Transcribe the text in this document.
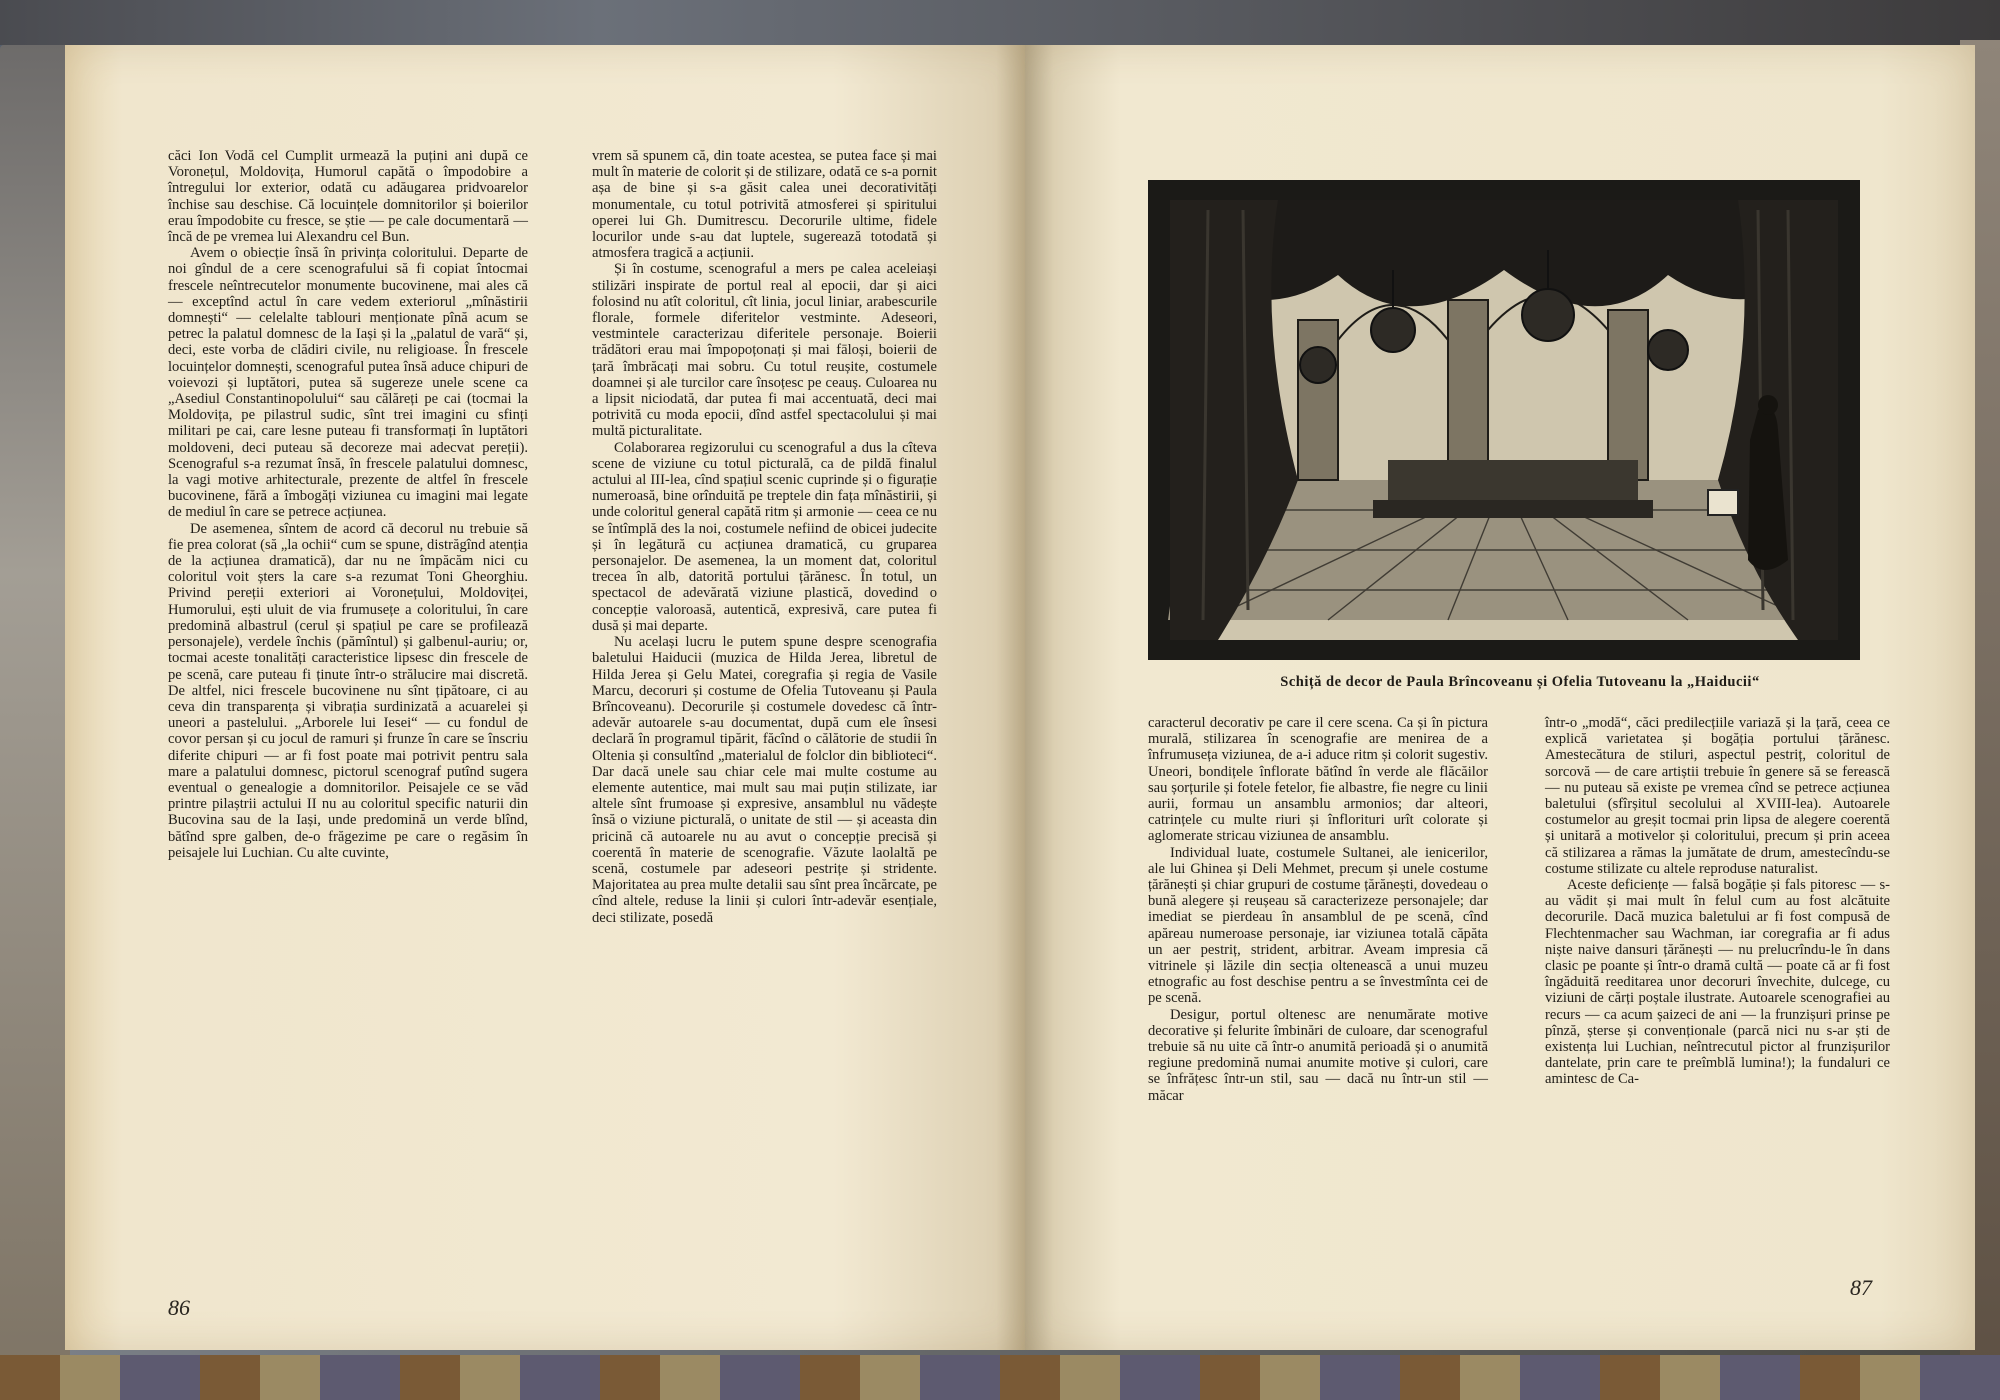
căci Ion Vodă cel Cumplit urmează la puțini ani după ce Voronețul, Moldovița, Humorul capătă o împodobire a întregului lor exterior, odată cu adăugarea pridvoarelor închise sau deschise. Că locuințele domnitorilor și boierilor erau împodobite cu fresce, se știe — pe cale documentară — încă de pe vremea lui Alexandru cel Bun.

Avem o obiecție însă în privința coloritului. Departe de noi gîndul de a cere scenografului să fi copiat întocmai frescele neîntrecutelor monumente bucovinene, mai ales că — exceptînd actul în care vedem exteriorul „mînăstirii domnești“ — celelalte tablouri menționate pînă acum se petrec la palatul domnesc de la Iași și la „palatul de vară“ și, deci, este vorba de clădiri civile, nu religioase. În frescele locuințelor domnești, scenograful putea însă aduce chipuri de voievozi și luptători, putea să sugereze unele scene ca „Asediul Constantinopolului“ sau călăreți pe cai (tocmai la Moldovița, pe pilastrul sudic, sînt trei imagini cu sfinți militari pe cai, care lesne puteau fi transformați în luptători moldoveni, deci puteau să decoreze mai adecvat pereții). Scenograful s-a rezumat însă, în frescele palatului domnesc, la vagi motive arhitecturale, prezente de altfel în frescele bucovinene, fără a îmbogăți viziunea cu imagini mai legate de mediul în care se petrece acțiunea.

De asemenea, sîntem de acord că decorul nu trebuie să fie prea colorat (să „la ochii“ cum se spune, distrăgînd atenția de la acțiunea dramatică), dar nu ne împăcăm nici cu coloritul voit șters la care s-a rezumat Toni Gheorghiu. Privind pereții exteriori ai Voronețului, Moldoviței, Humorului, ești uluit de via frumusețe a coloritului, în care predomină albastrul (cerul și spațiul pe care se profilează personajele), verdele închis (pămîntul) și galbenul-auriu; or, tocmai aceste tonalități caracteristice lipsesc din frescele de pe scenă, care puteau fi ținute într-o strălucire mai discretă. De altfel, nici frescele bucovinene nu sînt țipătoare, ci au ceva din transparența și vibrația surdinizată a acuarelei și uneori a pastelului. „Arborele lui Iesei“ — cu fondul de covor persan și cu jocul de ramuri și frunze în care se înscriu diferite chipuri — ar fi fost poate mai potrivit pentru sala mare a palatului domnesc, pictorul scenograf putînd sugera eventual o genealogie a domnitorilor. Peisajele ce se văd printre pilaștrii actului II nu au coloritul specific naturii din Bucovina sau de la Iași, unde predomină un verde blînd, bătînd spre galben, de-o frăgezime pe care o regăsim în peisajele lui Luchian. Cu alte cuvinte,

vrem să spunem că, din toate acestea, se putea face și mai mult în materie de colorit și de stilizare, odată ce s-a pornit așa de bine și s-a găsit calea unei decorativități monumentale, cu totul potrivită atmosferei și spiritului operei lui Gh. Dumitrescu. Decorurile ultime, fidele locurilor unde s-au dat luptele, sugerează totodată și atmosfera tragică a acțiunii.

Și în costume, scenograful a mers pe calea aceleiași stilizări inspirate de portul real al epocii, dar și aici folosind nu atît coloritul, cît linia, jocul liniar, arabescurile florale, formele diferitelor vestminte. Adeseori, vestmintele caracterizau diferitele personaje. Boierii trădători erau mai împopoțonați și mai fāloși, boierii de țară îmbrăcați mai sobru. Cu totul reușite, costumele doamnei și ale turcilor care însoțesc pe ceauș. Culoarea nu a lipsit niciodată, dar putea fi mai accentuată, deci mai potrivită cu moda epocii, dînd astfel spectacolului și mai multă picturalitate.

Colaborarea regizorului cu scenograful a dus la cîteva scene de viziune cu totul picturală, ca de pildă finalul actului al III-lea, cînd spațiul scenic cuprinde și o figurație numeroasă, bine orînduită pe treptele din fața mînăstirii, și unde coloritul general capătă ritm și armonie — ceea ce nu se întîmplă des la noi, costumele nefiind de obicei judecite și în legătură cu acțiunea dramatică, cu gruparea personajelor. De asemenea, la un moment dat, coloritul trecea în alb, datorită portului țărănesc. În totul, un spectacol de adevărată viziune plastică, dovedind o concepție valoroasă, autentică, expresivă, care putea fi dusă și mai departe.

Nu același lucru le putem spune despre scenografia baletului Haiducii (muzica de Hilda Jerea, libretul de Hilda Jerea și Gelu Matei, coregrafia și regia de Vasile Marcu, decoruri și costume de Ofelia Tutoveanu și Paula Brîncoveanu). Decorurile și costumele dovedesc că într-adevăr autoarele s-au documentat, după cum ele însesi declară în programul tipărit, făcînd o călătorie de studii în Oltenia și consultînd „materialul de folclor din biblioteci“. Dar dacă unele sau chiar cele mai multe costume au elemente autentice, mai mult sau mai puțin stilizate, iar altele sînt frumoase și expresive, ansamblul nu vădește însă o viziune picturală, o unitate de stil — și aceasta din pricină că autoarele nu au avut o concepție precisă și coerentă în materie de scenografie. Văzute laolaltă pe scenă, costumele par adeseori pestrițe și stridente. Majoritatea au prea multe detalii sau sînt prea încărcate, pe cînd altele, reduse la linii și culori într-adevăr esențiale, deci stilizate, posedă

86
Schiță de decor de Paula Brîncoveanu și Ofelia Tutoveanu la „Haiducii“

caracterul decorativ pe care il cere scena. Ca și în pictura murală, stilizarea în scenografie are menirea de a înfrumuseța viziunea, de a-i aduce ritm și colorit sugestiv. Uneori, bondițele înflorate bătînd în verde ale flăcăilor sau șorțurile și fotele fetelor, fie albastre, fie negre cu linii aurii, formau un ansamblu armonios; dar alteori, catrințele cu multe riuri și înflorituri urît colorate și aglomerate stricau viziunea de ansamblu.

Individual luate, costumele Sultanei, ale ienicerilor, ale lui Ghinea și Deli Mehmet, precum și unele costume țărănești și chiar grupuri de costume țărănești, dovedeau o bună alegere și reușeau să caracterizeze personajele; dar imediat se pierdeau în ansamblul de pe scenă, cînd apăreau numeroase personaje, iar viziunea totală căpăta un aer pestriț, strident, arbitrar. Aveam impresia că vitrinele și lăzile din secția oltenească a unui muzeu etnografic au fost deschise pentru a se învestmînta cei de pe scenă.

Desigur, portul oltenesc are nenumărate motive decorative și felurite îmbinări de culoare, dar scenograful trebuie să nu uite că într-o anumită perioadă și o anumită regiune predomină numai anumite motive și culori, care se înfrățesc într-un stil, sau — dacă nu într-un stil — măcar

într-o „modă“, căci predilecțiile variază și la țară, ceea ce explică varietatea și bogăția portului țărănesc. Amestecătura de stiluri, aspectul pestriț, coloritul de sorcovă — de care artiștii trebuie în genere să se ferească — nu puteau să existe pe vremea cînd se petrece acțiunea baletului (sfîrșitul secolului al XVIII-lea). Autoarele costumelor au greșit tocmai prin lipsa de alegere coerentă și unitară a motivelor și coloritului, precum și prin aceea că stilizarea a rămas la jumătate de drum, amestecîndu-se costume stilizate cu altele reproduse naturalist.

Aceste deficiențe — falsă bogăție și fals pitoresc — s-au vădit și mai mult în felul cum au fost alcătuite decorurile. Dacă muzica baletului ar fi fost compusă de Flechtenmacher sau Wachman, iar coregrafia ar fi adus niște naive dansuri țărănești — nu prelucrîndu-le în dans clasic pe poante și într-o dramă cultă — poate că ar fi fost îngăduită reeditarea unor decoruri învechite, dulcege, cu viziuni de cărți poștale ilustrate. Autoarele scenografiei au recurs — ca acum șaizeci de ani — la frunzișuri prinse pe pînză, șterse și convenționale (parcă nici nu s-ar ști de existența lui Luchian, neîntrecutul pictor al frunzișurilor dantelate, prin care te preîmblă lumina!); la fundaluri ce amintesc de Ca-

87
